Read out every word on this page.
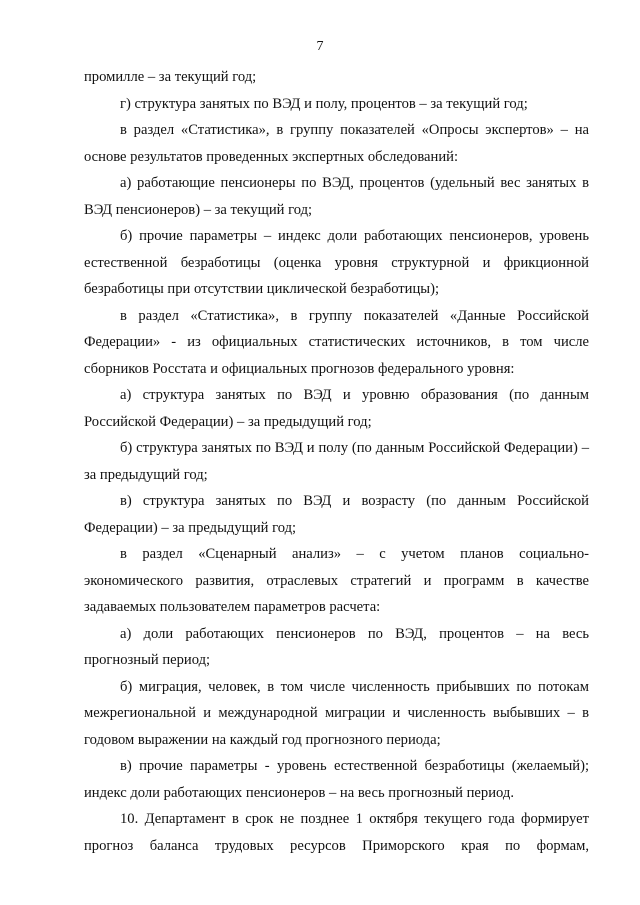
7

промилле – за текущий год;

г) структура занятых по ВЭД и полу, процентов – за текущий год;

в раздел «Статистика», в группу показателей «Опросы экспертов» – на основе результатов проведенных экспертных обследований:

а) работающие пенсионеры по ВЭД, процентов (удельный вес занятых в ВЭД пенсионеров) – за текущий год;

б) прочие параметры – индекс доли работающих пенсионеров, уровень естественной безработицы (оценка уровня структурной и фрикционной безработицы при отсутствии циклической безработицы);

в раздел «Статистика», в группу показателей «Данные Российской Федерации» - из официальных статистических источников, в том числе сборников Росстата и официальных прогнозов федерального уровня:

а) структура занятых по ВЭД и уровню образования (по данным Российской Федерации) – за предыдущий год;

б) структура занятых по ВЭД и полу (по данным Российской Федерации) – за предыдущий год;

в) структура занятых по ВЭД и возрасту (по данным Российской Федерации) – за предыдущий год;

в раздел «Сценарный анализ» – с учетом планов социально-экономического развития, отраслевых стратегий и программ в качестве задаваемых пользователем параметров расчета:

а) доли работающих пенсионеров по ВЭД, процентов – на весь прогнозный период;

б) миграция, человек, в том числе численность прибывших по потокам межрегиональной и международной миграции и численность выбывших – в годовом выражении на каждый год прогнозного периода;

в) прочие параметры - уровень естественной безработицы (желаемый); индекс доли работающих пенсионеров – на весь прогнозный период.

10. Департамент в срок не позднее 1 октября текущего года формирует прогноз баланса трудовых ресурсов Приморского края по формам,
